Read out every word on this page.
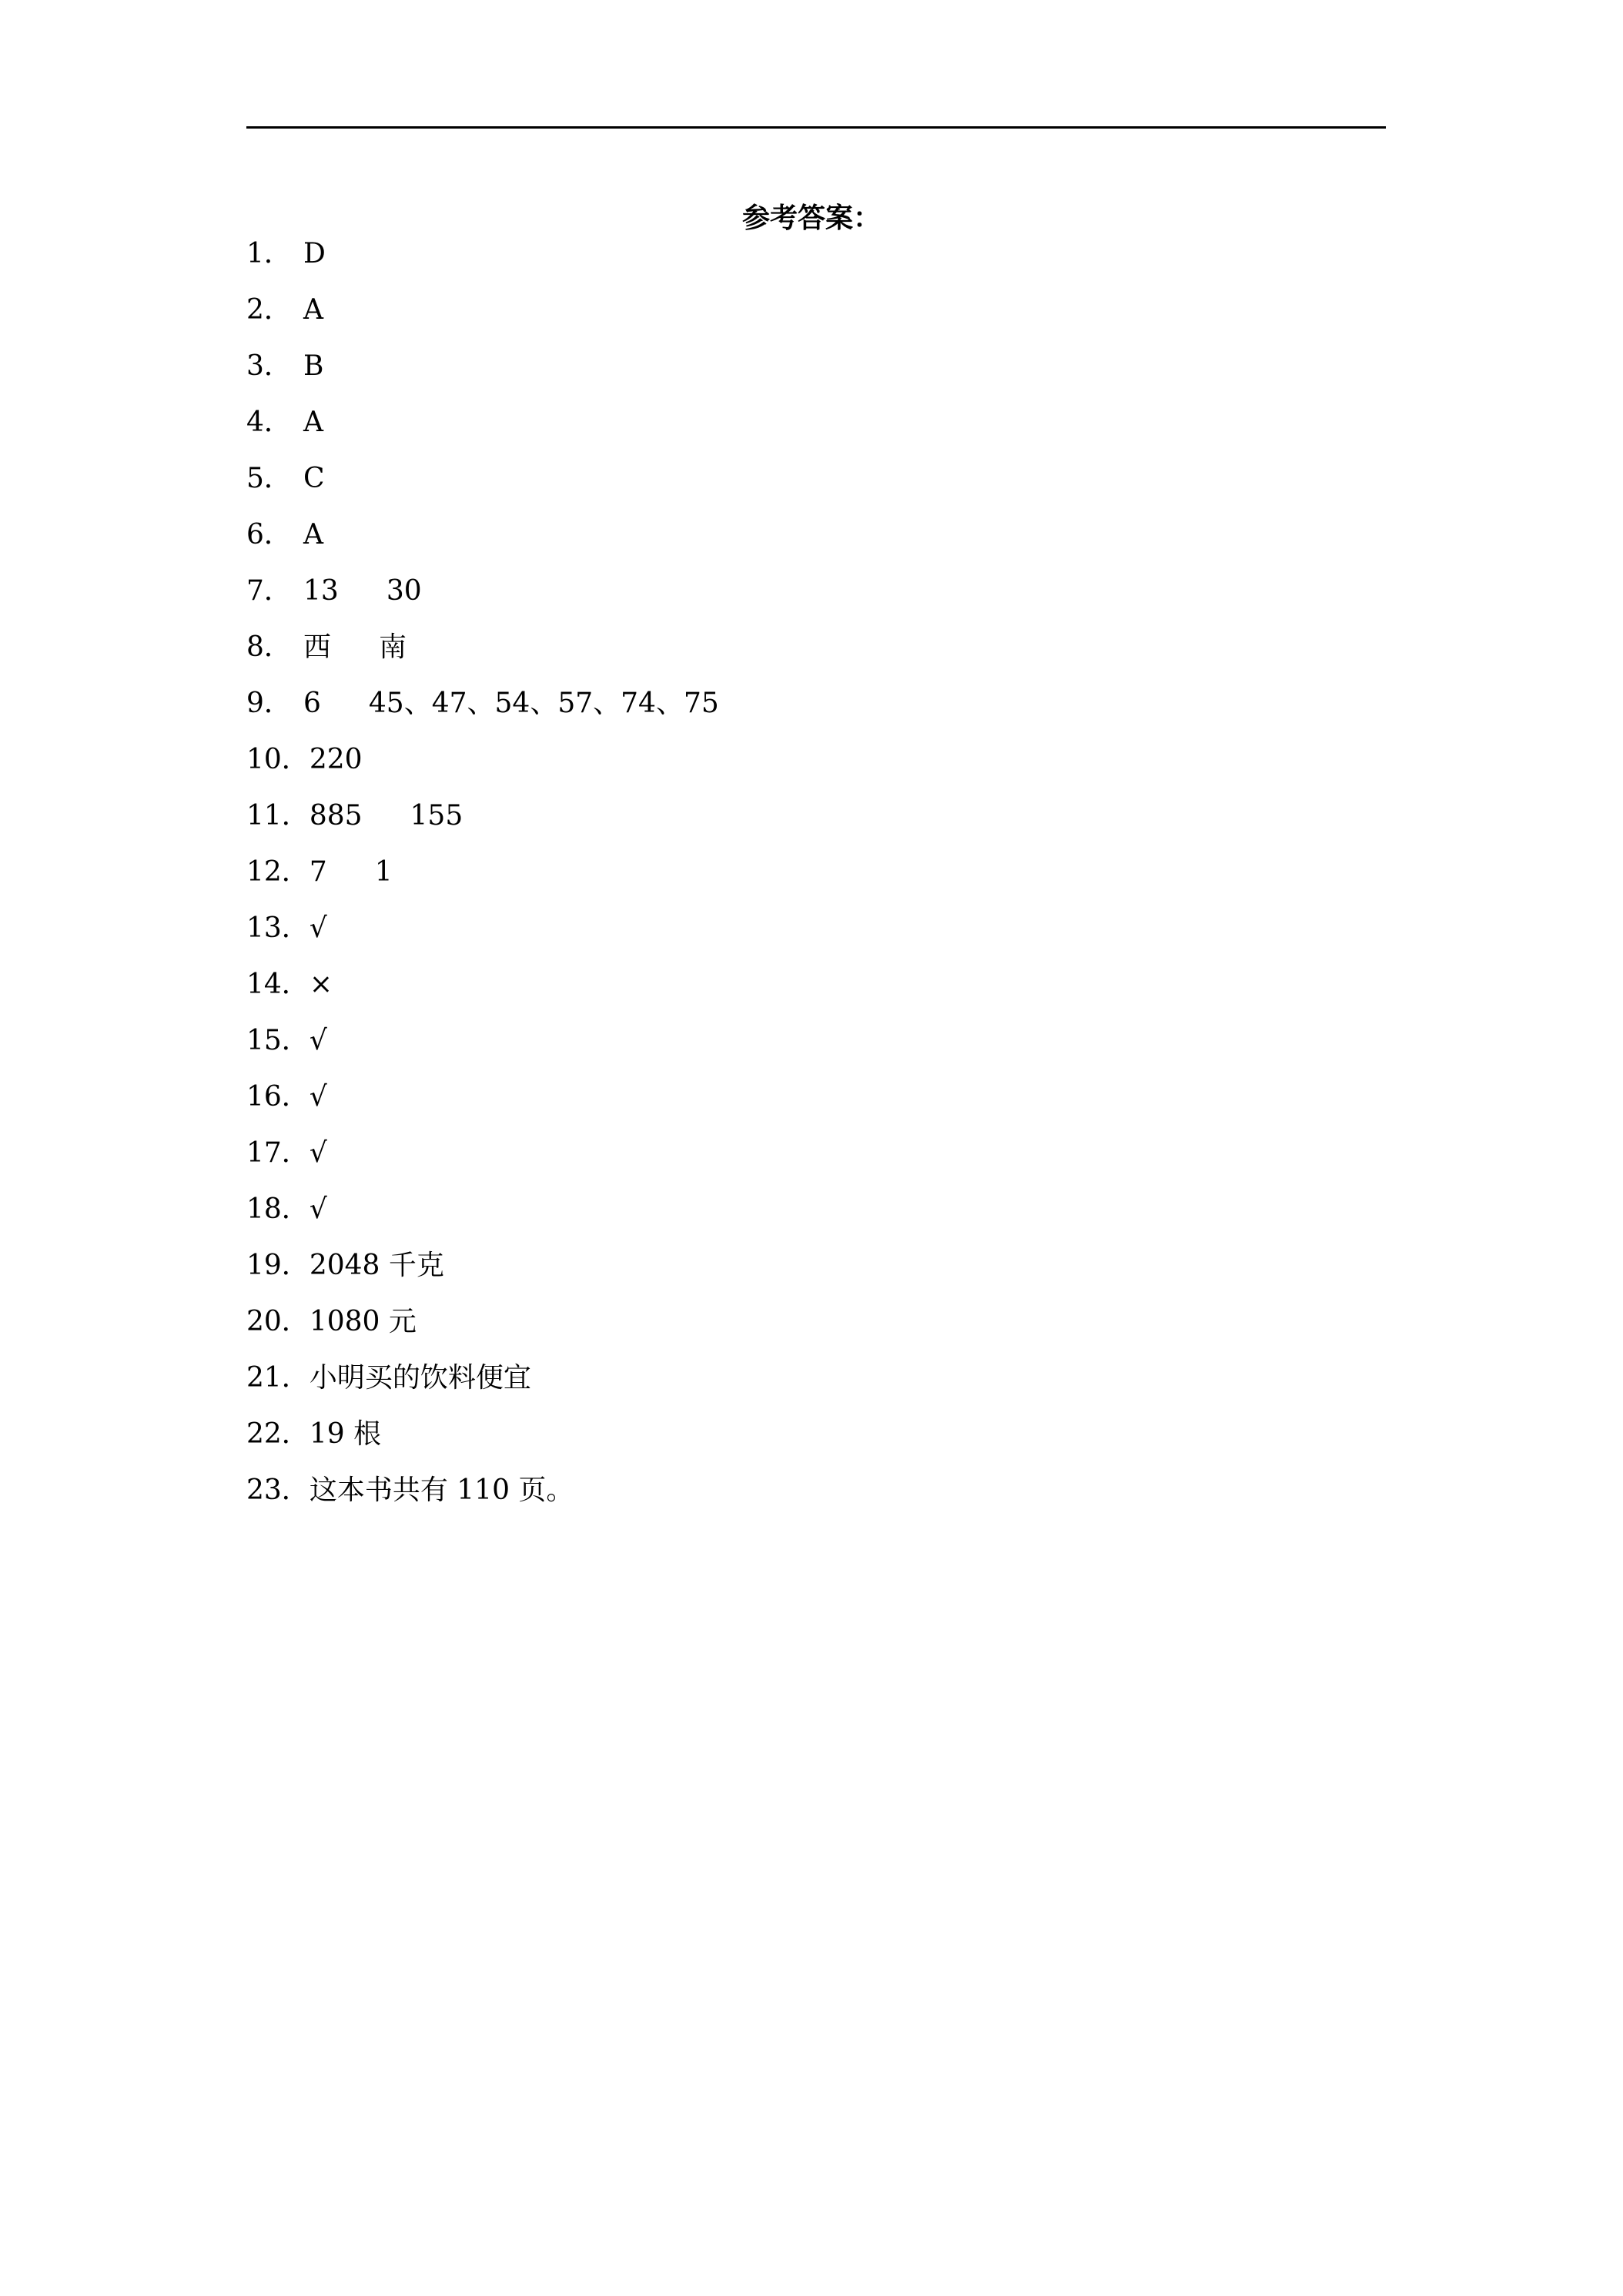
参考答案：
1． D
2． A
3． B
4． A
5． C
6． A
7． 13 30
8． 西 南
9． 6 45、47、54、57、74、75
10．220
11．885 155
12．7 1
13．√
14．×
15．√
16．√
17．√
18．√
19．2048 千克
20．1080 元
21．小明买的饮料便宜
22．19 根
23．这本书共有 110 页。
